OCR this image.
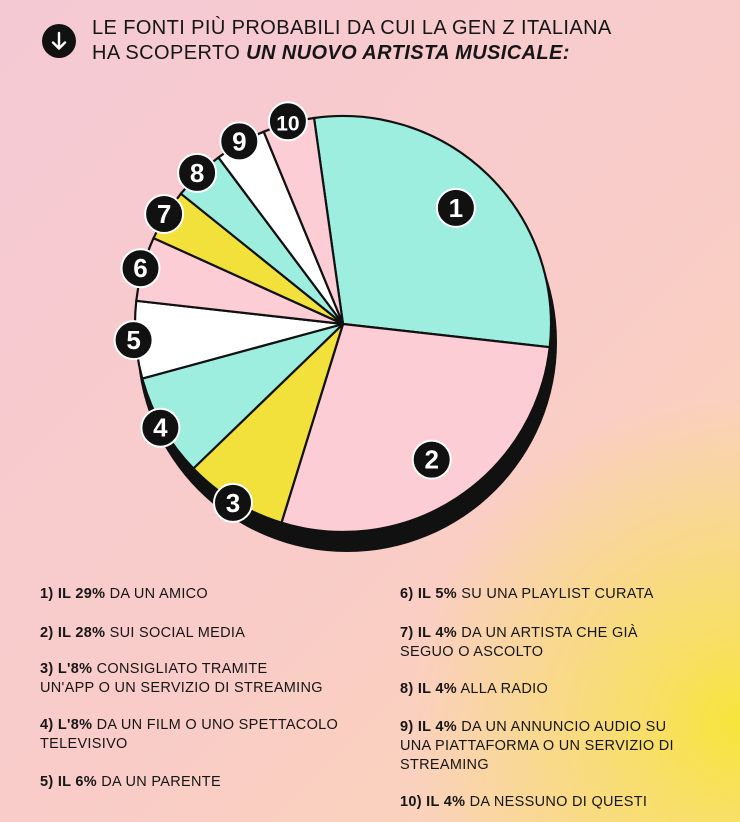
LE FONTI PIÙ PROBABILI DA CUI LA GEN Z ITALIANA
HA SCOPERTO UN NUOVO ARTISTA MUSICALE:
1
2
3
4
5
6
7
8
9
10
1) IL 29% DA UN AMICO
2) IL 28% SUI SOCIAL MEDIA
3) L'8% CONSIGLIATO TRAMITE
UN'APP O UN SERVIZIO DI STREAMING
4) L'8% DA UN FILM O UNO SPETTACOLO
TELEVISIVO
5) IL 6% DA UN PARENTE
6) IL 5% SU UNA PLAYLIST CURATA
7) IL 4% DA UN ARTISTA CHE GIÀ
SEGUO O ASCOLTO
8) IL 4% ALLA RADIO
9) IL 4% DA UN ANNUNCIO AUDIO SU
UNA PIATTAFORMA O UN SERVIZIO DI
STREAMING
10) IL 4% DA NESSUNO DI QUESTI
